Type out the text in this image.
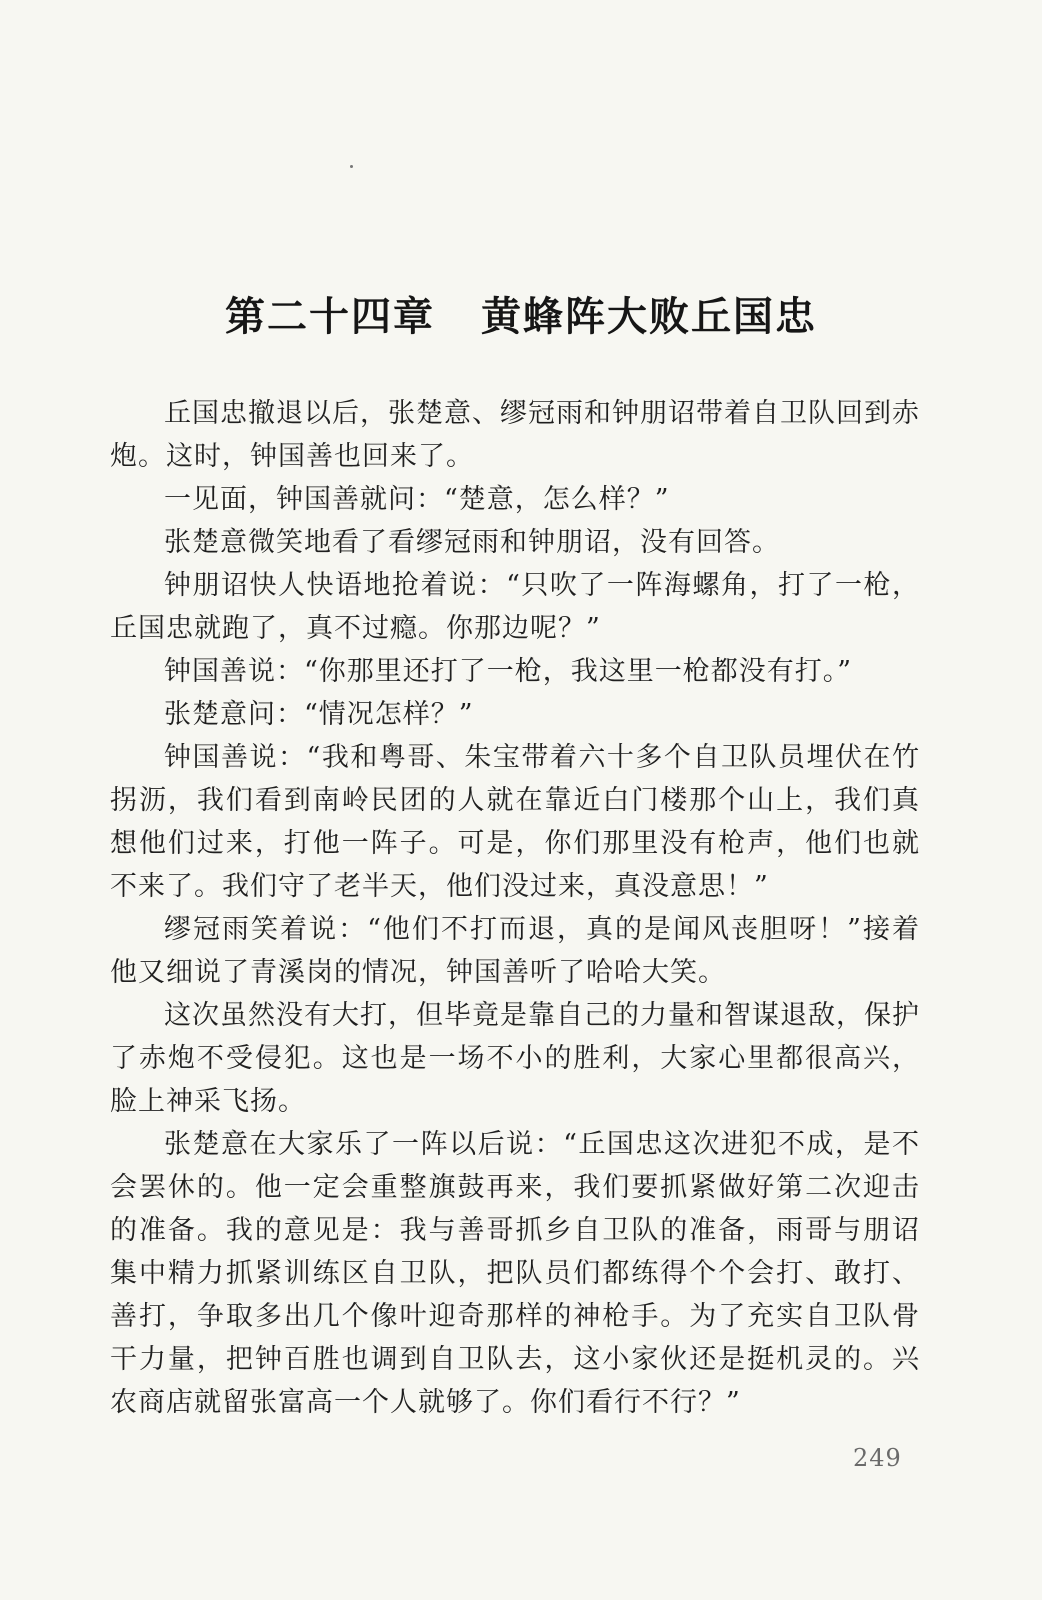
第二十四章 黄蜂阵大败丘国忠

丘国忠撤退以后，张楚意、缪冠雨和钟朋诏带着自卫队回到赤炮。这时，钟国善也回来了。

一见面，钟国善就问：“楚意，怎么样？”

张楚意微笑地看了看缪冠雨和钟朋诏，没有回答。

钟朋诏快人快语地抢着说：“只吹了一阵海螺角，打了一枪，丘国忠就跑了，真不过瘾。你那边呢？”

钟国善说：“你那里还打了一枪，我这里一枪都没有打。”

张楚意问：“情况怎样？”

钟国善说：“我和粤哥、朱宝带着六十多个自卫队员埋伏在竹拐沥，我们看到南岭民团的人就在靠近白门楼那个山上，我们真想他们过来，打他一阵子。可是，你们那里没有枪声，他们也就不来了。我们守了老半天，他们没过来，真没意思！”

缪冠雨笑着说：“他们不打而退，真的是闻风丧胆呀！”接着他又细说了青溪岗的情况，钟国善听了哈哈大笑。

这次虽然没有大打，但毕竟是靠自己的力量和智谋退敌，保护了赤炮不受侵犯。这也是一场不小的胜利，大家心里都很高兴，脸上神采飞扬。

张楚意在大家乐了一阵以后说：“丘国忠这次进犯不成，是不会罢休的。他一定会重整旗鼓再来，我们要抓紧做好第二次迎击的准备。我的意见是：我与善哥抓乡自卫队的准备，雨哥与朋诏集中精力抓紧训练区自卫队，把队员们都练得个个会打、敢打、善打，争取多出几个像叶迎奇那样的神枪手。为了充实自卫队骨干力量，把钟百胜也调到自卫队去，这小家伙还是挺机灵的。兴农商店就留张富高一个人就够了。你们看行不行？”

249
